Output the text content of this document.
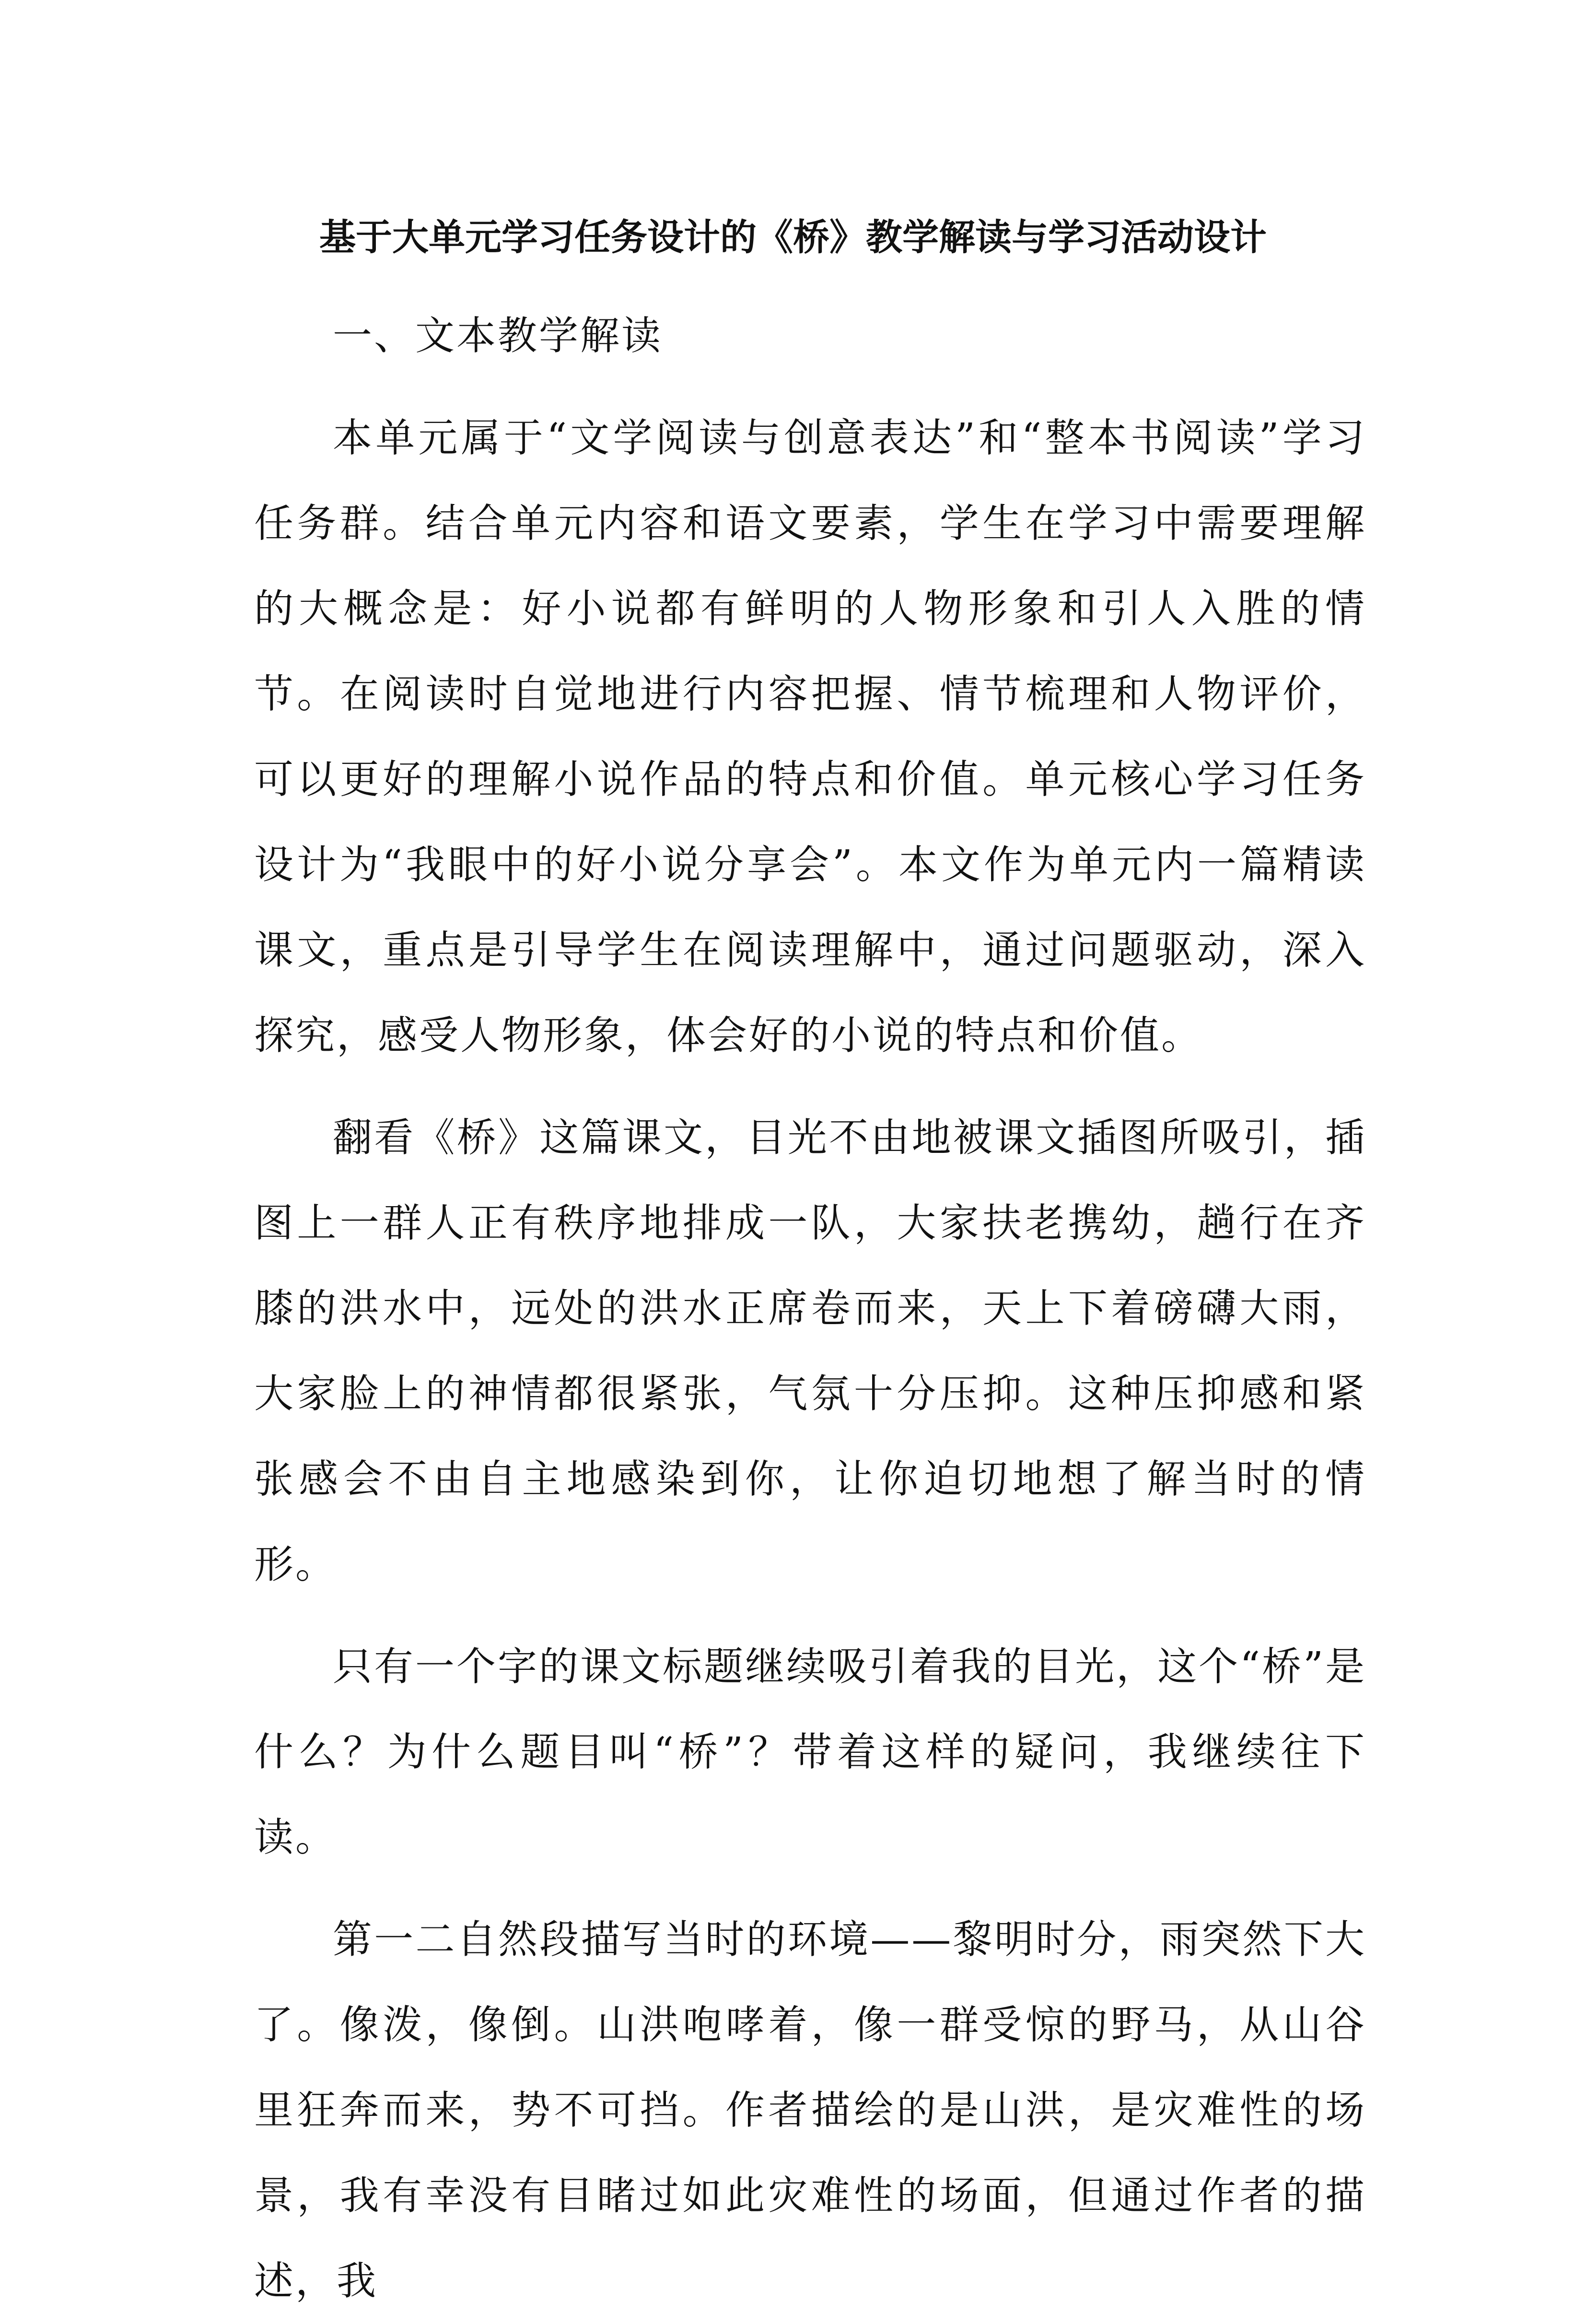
基于大单元学习任务设计的《桥》教学解读与学习活动设计

一、文本教学解读

本单元属于“文学阅读与创意表达”和“整本书阅读”学习任务群。结合单元内容和语文要素，学生在学习中需要理解的大概念是：好小说都有鲜明的人物形象和引人入胜的情节。在阅读时自觉地进行内容把握、情节梳理和人物评价，可以更好的理解小说作品的特点和价值。单元核心学习任务设计为“我眼中的好小说分享会”。本文作为单元内一篇精读课文，重点是引导学生在阅读理解中，通过问题驱动，深入探究，感受人物形象，体会好的小说的特点和价值。

翻看《桥》这篇课文，目光不由地被课文插图所吸引，插图上一群人正有秩序地排成一队，大家扶老携幼，趟行在齐膝的洪水中，远处的洪水正席卷而来，天上下着磅礴大雨，大家脸上的神情都很紧张，气氛十分压抑。这种压抑感和紧张感会不由自主地感染到你，让你迫切地想了解当时的情形。

只有一个字的课文标题继续吸引着我的目光，这个“桥”是什么？为什么题目叫“桥”？带着这样的疑问，我继续往下读。

第一二自然段描写当时的环境——黎明时分，雨突然下大了。像泼，像倒。山洪咆哮着，像一群受惊的野马，从山谷里狂奔而来，势不可挡。作者描绘的是山洪，是灾难性的场景，我有幸没有目睹过如此灾难性的场面，但通过作者的描述，我
